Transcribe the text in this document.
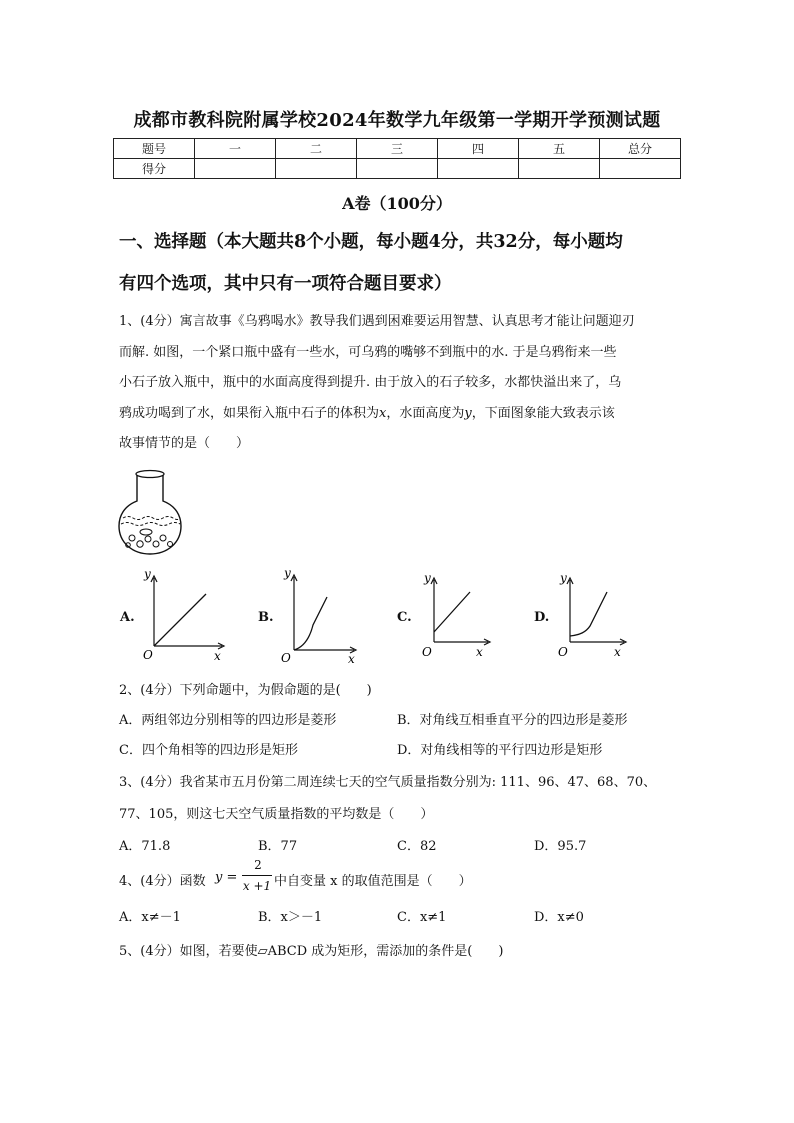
成都市教科院附属学校2024年数学九年级第一学期开学预测试题
题号	一	二	三	四	五	总分
得分						
A卷（100分）
一、选择题（本大题共8个小题，每小题4分，共32分，每小题均
有四个选项，其中只有一项符合题目要求）
1、(4分）寓言故事《乌鸦喝水》教导我们遇到困难要运用智慧、认真思考才能让问题迎刃
而解. 如图，一个紧口瓶中盛有一些水，可乌鸦的嘴够不到瓶中的水. 于是乌鸦衔来一些
小石子放入瓶中，瓶中的水面高度得到提升. 由于放入的石子较多，水都快溢出来了，乌
鸦成功喝到了水，如果衔入瓶中石子的体积为x，水面高度为y，下面图象能大致表示该
故事情节的是（　　）
A.
y
x
O
B.
y
x
O
C.
y
x
O
D.
y
x
O
2、(4分）下列命题中，为假命题的是(　　)
A．两组邻边分别相等的四边形是菱形	B．对角线互相垂直平分的四边形是菱形
C．四个角相等的四边形是矩形	D．对角线相等的平行四边形是矩形
3、(4分）我省某市五月份第二周连续七天的空气质量指数分别为: 111、96、47、68、70、
77、105，则这七天空气质量指数的平均数是（　　）
A．71.8	B．77	C．82	D．95.7
4、(4分）函数 y =
2
x +1 中自变量 x 的取值范围是（　　）
A．x≠－1	B．x＞－1	C．x≠1	D．x≠0
5、(4分）如图，若要使▱ABCD 成为矩形，需添加的条件是(　　)
